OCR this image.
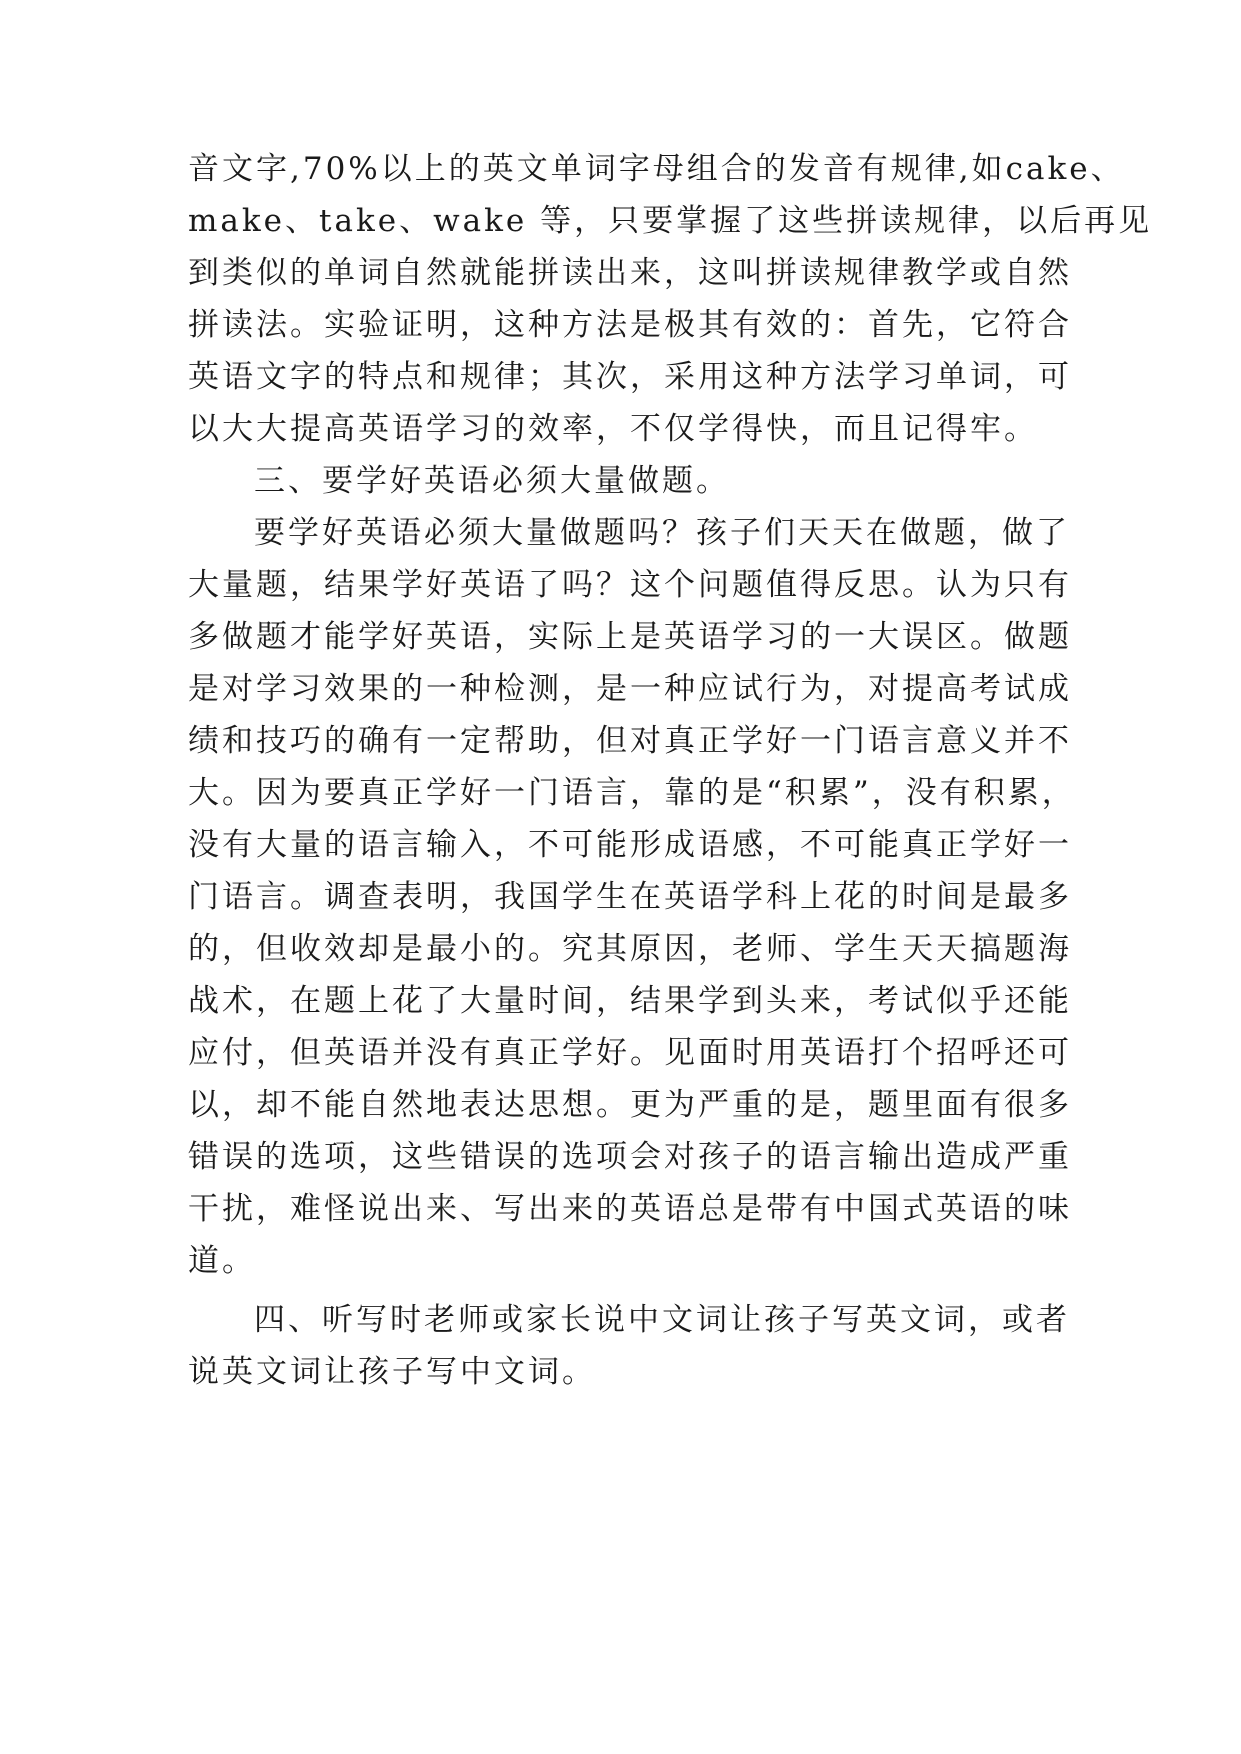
音文字,70%以上的英文单词字母组合的发音有规律,如cake、
make、take、wake 等，只要掌握了这些拼读规律，以后再见
到类似的单词自然就能拼读出来，这叫拼读规律教学或自然
拼读法。实验证明，这种方法是极其有效的：首先，它符合
英语文字的特点和规律；其次，采用这种方法学习单词，可
以大大提高英语学习的效率，不仅学得快，而且记得牢。
三、要学好英语必须大量做题。
要学好英语必须大量做题吗？孩子们天天在做题，做了
大量题，结果学好英语了吗？这个问题值得反思。认为只有
多做题才能学好英语，实际上是英语学习的一大误区。做题
是对学习效果的一种检测，是一种应试行为，对提高考试成
绩和技巧的确有一定帮助，但对真正学好一门语言意义并不
大。因为要真正学好一门语言，靠的是“积累”，没有积累，
没有大量的语言输入，不可能形成语感，不可能真正学好一
门语言。调查表明，我国学生在英语学科上花的时间是最多
的，但收效却是最小的。究其原因，老师、学生天天搞题海
战术，在题上花了大量时间，结果学到头来，考试似乎还能
应付，但英语并没有真正学好。见面时用英语打个招呼还可
以，却不能自然地表达思想。更为严重的是，题里面有很多
错误的选项，这些错误的选项会对孩子的语言输出造成严重
干扰，难怪说出来、写出来的英语总是带有中国式英语的味
道。
四、听写时老师或家长说中文词让孩子写英文词，或者
说英文词让孩子写中文词。
